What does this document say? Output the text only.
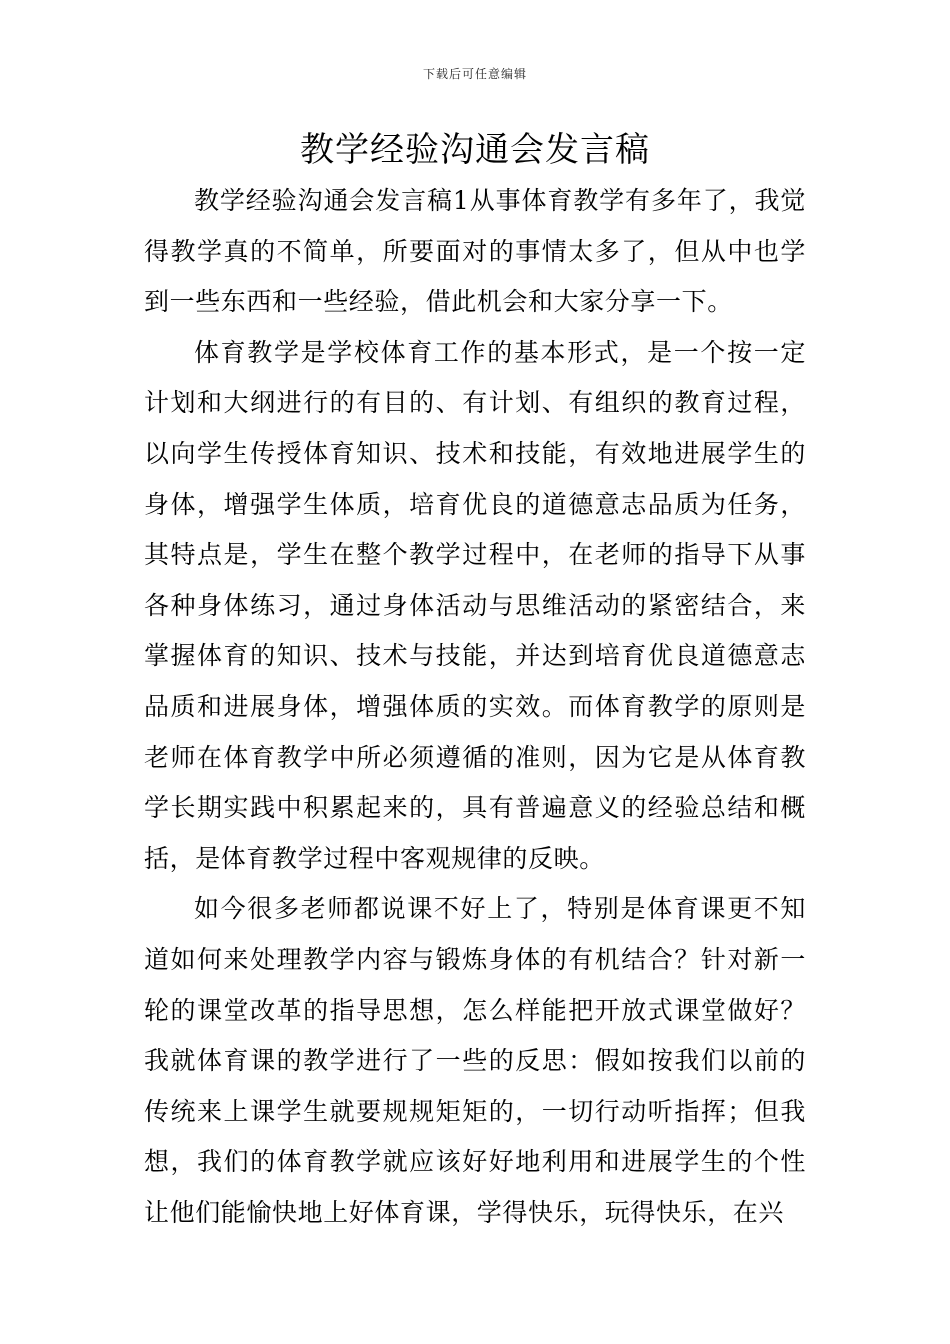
下载后可任意编辑
教学经验沟通会发言稿

教学经验沟通会发言稿1从事体育教学有多年了，我觉得教学真的不简单，所要面对的事情太多了，但从中也学到一些东西和一些经验，借此机会和大家分享一下。

体育教学是学校体育工作的基本形式，是一个按一定计划和大纲进行的有目的、有计划、有组织的教育过程，以向学生传授体育知识、技术和技能，有效地进展学生的身体，增强学生体质，培育优良的道德意志品质为任务，其特点是，学生在整个教学过程中，在老师的指导下从事各种身体练习，通过身体活动与思维活动的紧密结合，来掌握体育的知识、技术与技能，并达到培育优良道德意志品质和进展身体，增强体质的实效。而体育教学的原则是老师在体育教学中所必须遵循的准则，因为它是从体育教学长期实践中积累起来的，具有普遍意义的经验总结和概括，是体育教学过程中客观规律的反映。

如今很多老师都说课不好上了，特别是体育课更不知道如何来处理教学内容与锻炼身体的有机结合？针对新一轮的课堂改革的指导思想，怎么样能把开放式课堂做好？我就体育课的教学进行了一些的反思：假如按我们以前的传统来上课学生就要规规矩矩的，一切行动听指挥；但我想，我们的体育教学就应该好好地利用和进展学生的个性让他们能愉快地上好体育课，学得快乐，玩得快乐，在兴
